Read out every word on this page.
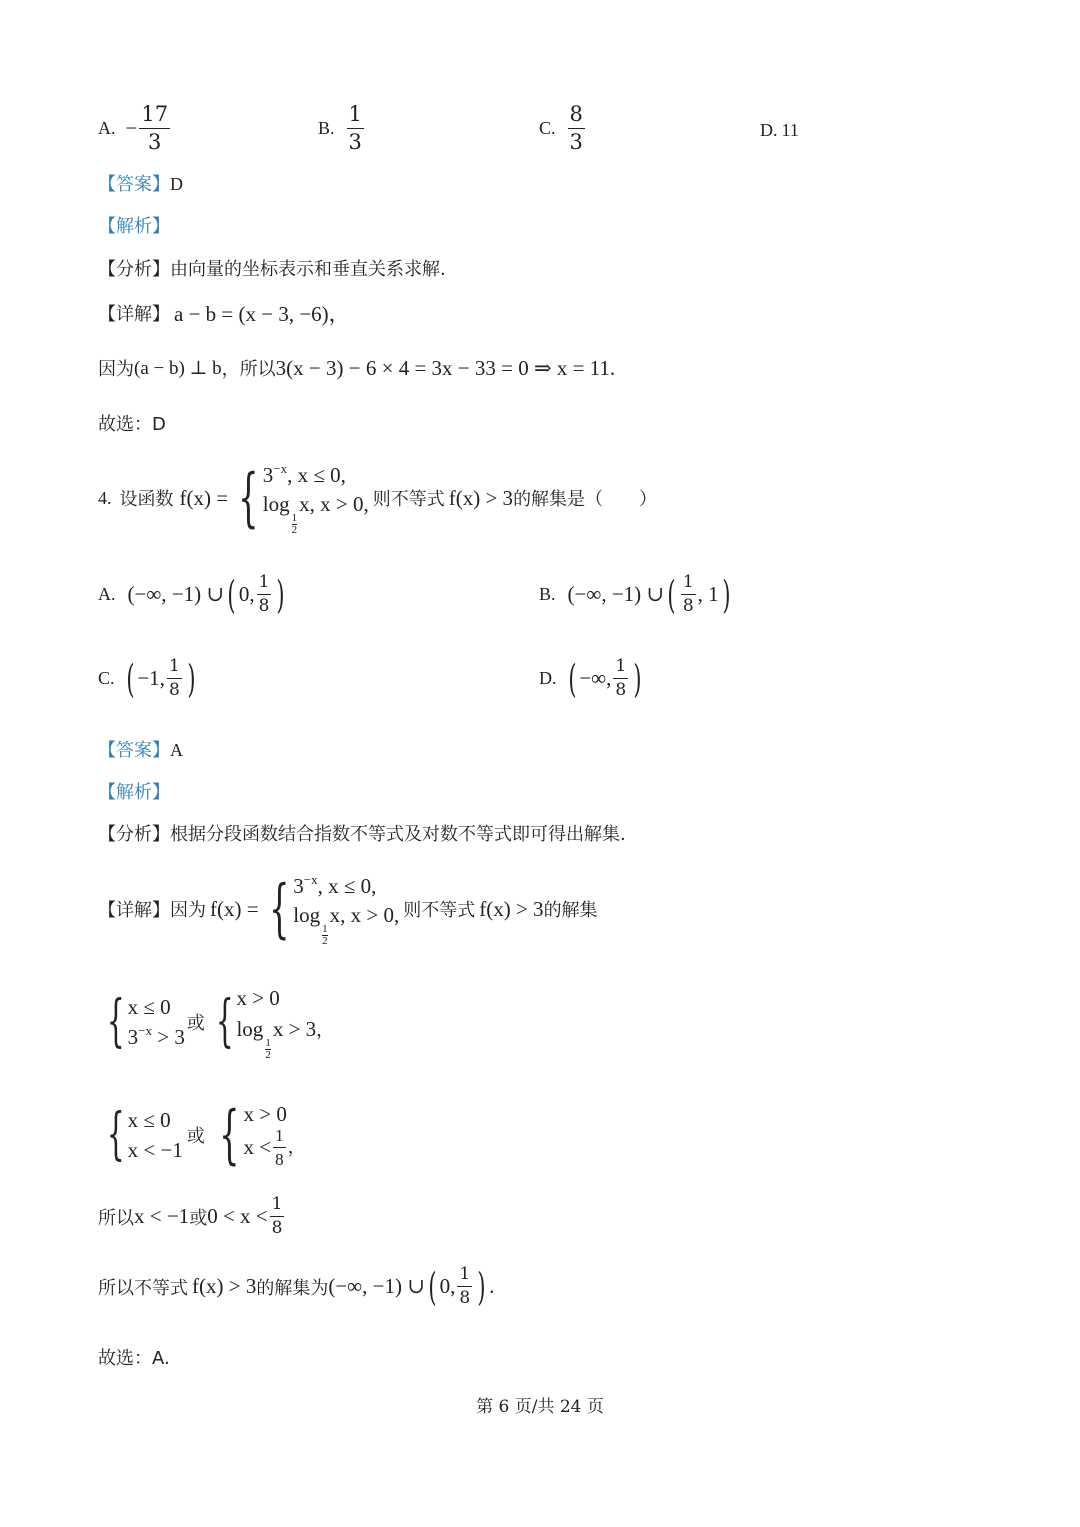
A. − $\frac{17}{3}$	B. $\frac{1}{3}$	C. $\frac{8}{3}$	D. 11
【答案】D
【解析】
【分析】由向量的坐标表示和垂直关系求解.
【详解】 a − b = (x − 3, −6)，
因为 (a − b) ⊥ b ，所以 3(x − 3) − 6 × 4 = 3x − 33 = 0 ⇒ x = 11.
故选：D
4. 设函数 f(x) = { $3^{-x}$, x ≤ 0,
log
$\frac{1}{2}$
x, x > 0, 则不等式 f(x) > 3 的解集是（　　）
A. (−∞, −1) ∪ ( 0, $\frac{1}{8}$ )	B. (−∞, −1) ∪ ( $\frac{1}{8}$ , 1 )
C. ( −1, $\frac{1}{8}$ )	D. ( −∞, $\frac{1}{8}$ )
【答案】A
【解析】
【分析】根据分段函数结合指数不等式及对数不等式即可得出解集.
【详解】 因为 f(x) = { $3^{-x}$, x ≤ 0,
log
$\frac{1}{2}$
x, x > 0, 则不等式 f(x) > 3 的解集
{ x ≤ 0
$3^{-x} > 3$
或 { x > 0
log
$\frac{1}{2}$
x > 3，
{ x ≤ 0
x < −1
或 { x > 0
$x < \frac{1}{8}$ ，
所以 x < −1 或 $0 < x < \frac{1}{8}$
所以不等式 f(x) > 3 的解集为 (−∞, −1) ∪ ( 0, $\frac{1}{8}$ ) .
故选：A.
第 6 页/共 24 页
